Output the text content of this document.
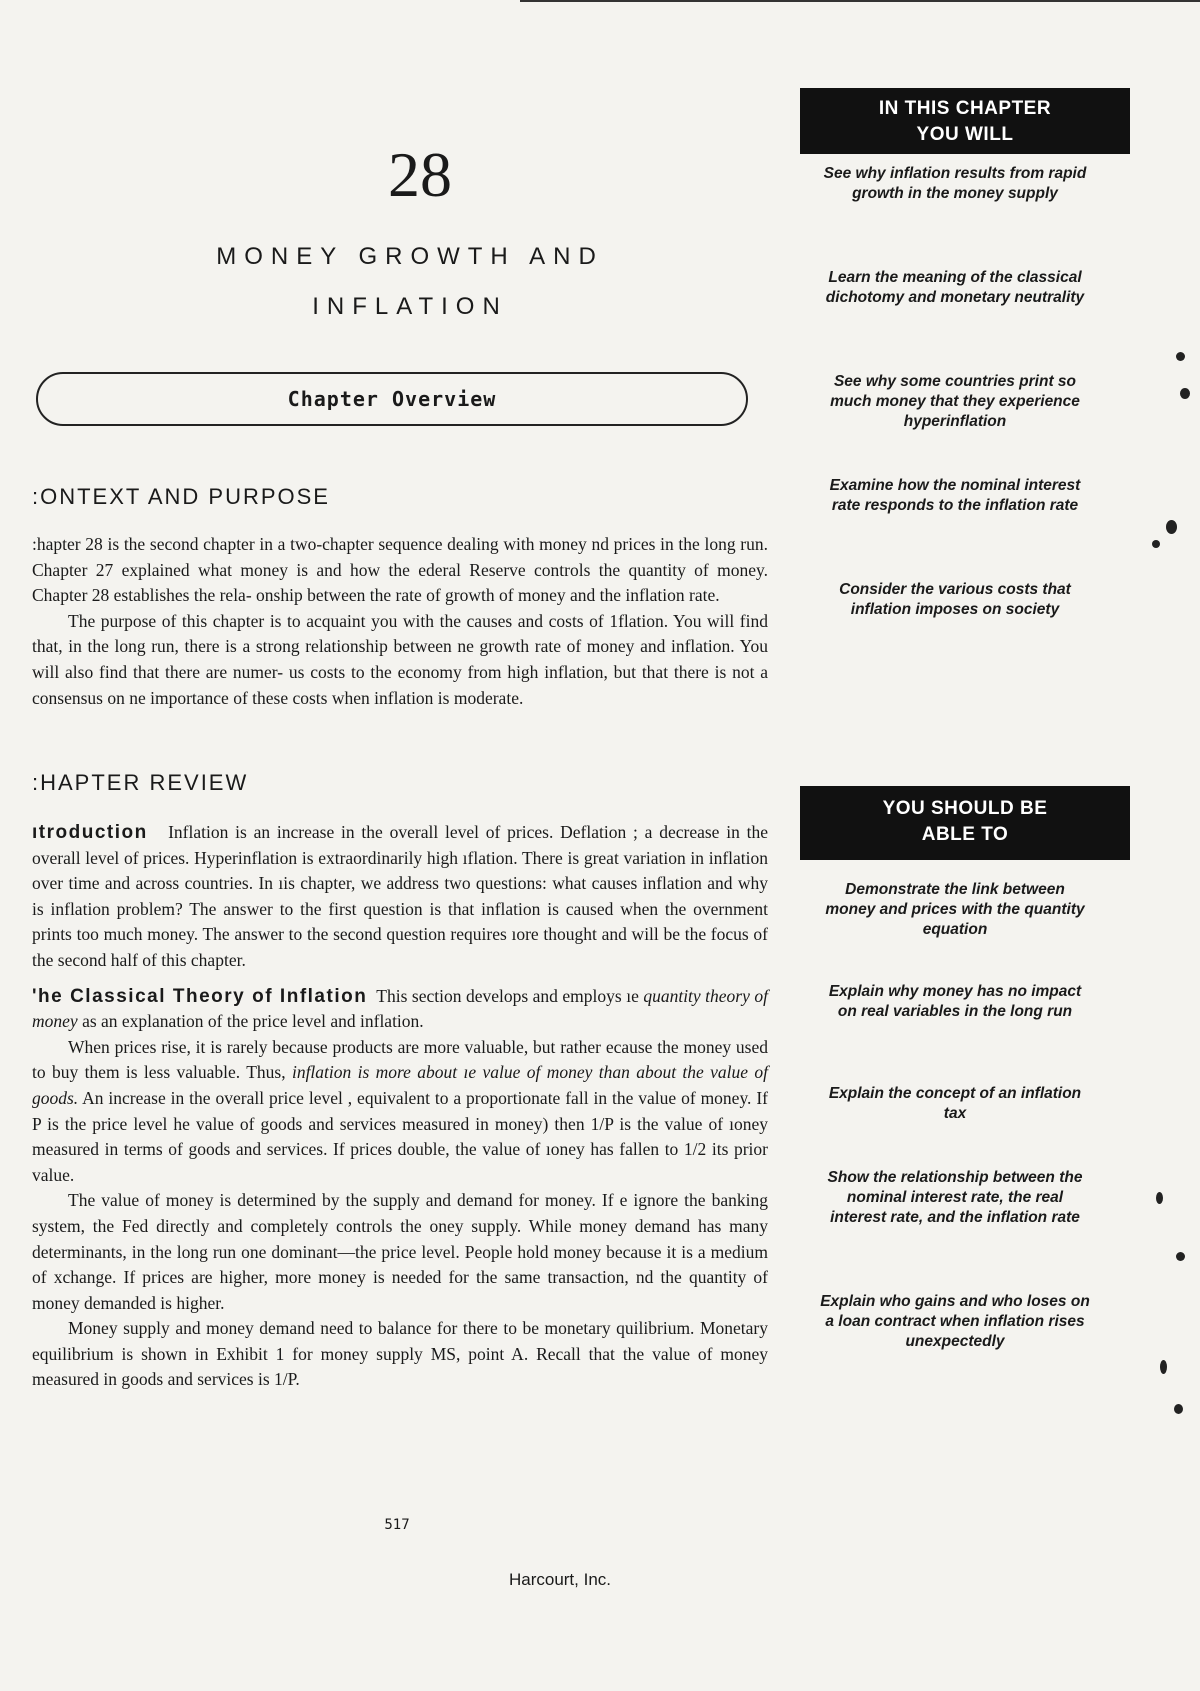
28
MONEY GROWTH AND
INFLATION
Chapter Overview
:ONTEXT AND PURPOSE

:hapter 28 is the second chapter in a two-chapter sequence dealing with money nd prices in the long run. Chapter 27 explained what money is and how the ederal Reserve controls the quantity of money. Chapter 28 establishes the rela- onship between the rate of growth of money and the inflation rate.

The purpose of this chapter is to acquaint you with the causes and costs of 1flation. You will find that, in the long run, there is a strong relationship between ne growth rate of money and inflation. You will also find that there are numer- us costs to the economy from high inflation, but that there is not a consensus on ne importance of these costs when inflation is moderate.

:HAPTER REVIEW

ıtroduction Inflation is an increase in the overall level of prices. Deflation ; a decrease in the overall level of prices. Hyperinflation is extraordinarily high ıflation. There is great variation in inflation over time and across countries. In ıis chapter, we address two questions: what causes inflation and why is inflation problem? The answer to the first question is that inflation is caused when the overnment prints too much money. The answer to the second question requires ıore thought and will be the focus of the second half of this chapter.

'he Classical Theory of Inflation This section develops and employs ıe quantity theory of money as an explanation of the price level and inflation.

When prices rise, it is rarely because products are more valuable, but rather ecause the money used to buy them is less valuable. Thus, inflation is more about ıe value of money than about the value of goods. An increase in the overall price level , equivalent to a proportionate fall in the value of money. If P is the price level he value of goods and services measured in money) then 1/P is the value of ıoney measured in terms of goods and services. If prices double, the value of ıoney has fallen to 1/2 its prior value.

The value of money is determined by the supply and demand for money. If e ignore the banking system, the Fed directly and completely controls the oney supply. While money demand has many determinants, in the long run one dominant—the price level. People hold money because it is a medium of xchange. If prices are higher, more money is needed for the same transaction, nd the quantity of money demanded is higher.

Money supply and money demand need to balance for there to be monetary quilibrium. Monetary equilibrium is shown in Exhibit 1 for money supply MS, point A. Recall that the value of money measured in goods and services is 1/P.

IN THIS CHAPTER
YOU WILL
See why inflation results from rapid growth in the money supply
Learn the meaning of the classical dichotomy and monetary neutrality
See why some countries print so much money that they experience hyperinflation
Examine how the nominal interest rate responds to the inflation rate
Consider the various costs that inflation imposes on society
YOU SHOULD BE
ABLE TO
Demonstrate the link between money and prices with the quantity equation
Explain why money has no impact on real variables in the long run
Explain the concept of an inflation tax
Show the relationship between the nominal interest rate, the real interest rate, and the inflation rate
Explain who gains and who loses on a loan contract when inflation rises unexpectedly
517
Harcourt, Inc.
